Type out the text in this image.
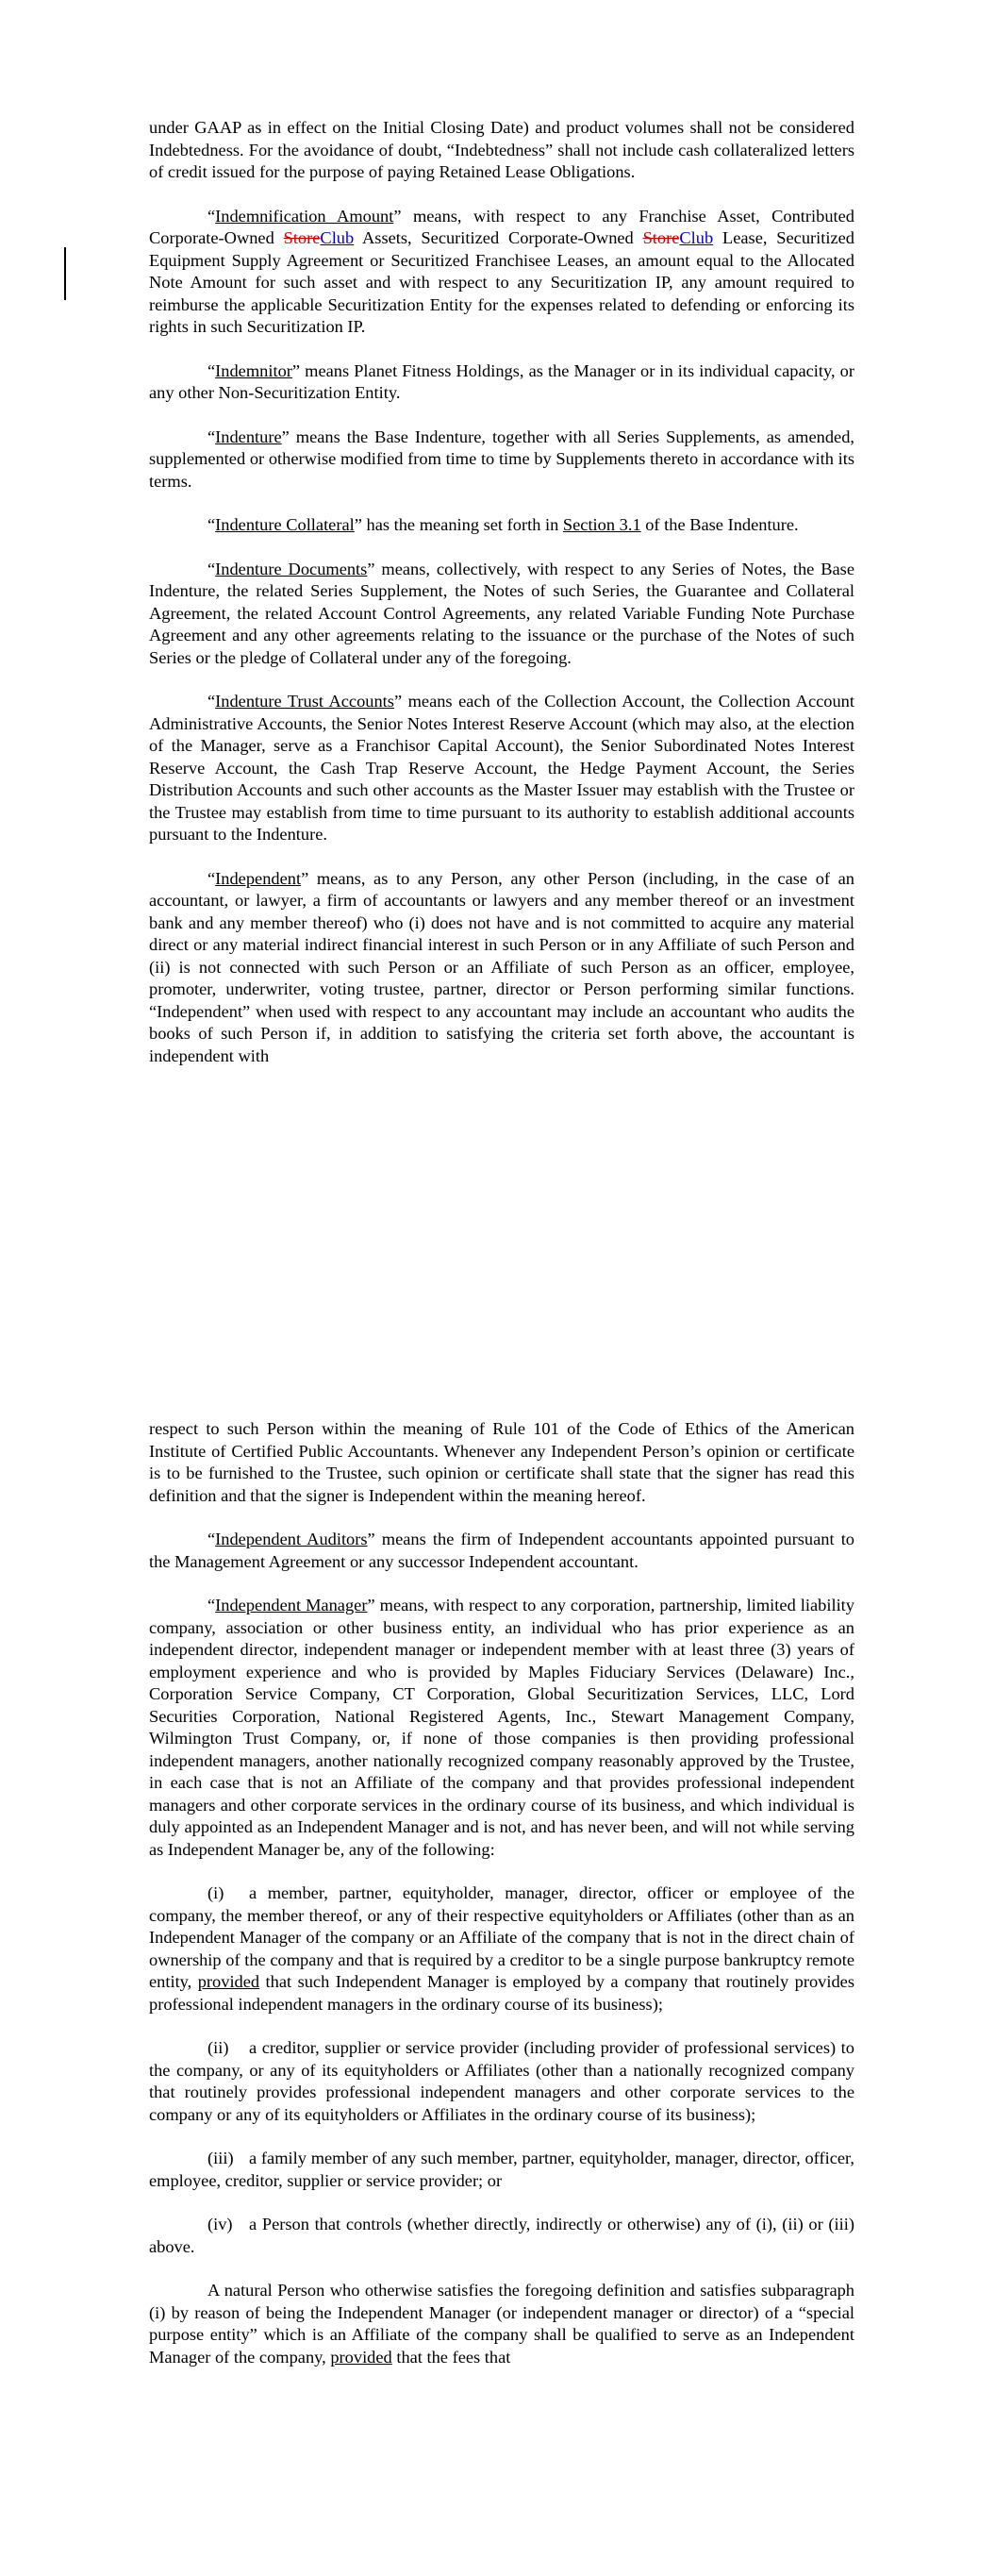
under GAAP as in effect on the Initial Closing Date) and product volumes shall not be considered Indebtedness. For the avoidance of doubt, “Indebtedness” shall not include cash collateralized letters of credit issued for the purpose of paying Retained Lease Obligations.

“Indemnification Amount” means, with respect to any Franchise Asset, Contributed Corporate-Owned StoreClub Assets, Securitized Corporate-Owned StoreClub Lease, Securitized Equipment Supply Agreement or Securitized Franchisee Leases, an amount equal to the Allocated Note Amount for such asset and with respect to any Securitization IP, any amount required to reimburse the applicable Securitization Entity for the expenses related to defending or enforcing its rights in such Securitization IP.

“Indemnitor” means Planet Fitness Holdings, as the Manager or in its individual capacity, or any other Non-Securitization Entity.

“Indenture” means the Base Indenture, together with all Series Supplements, as amended, supplemented or otherwise modified from time to time by Supplements thereto in accordance with its terms.

“Indenture Collateral” has the meaning set forth in Section 3.1 of the Base Indenture.

“Indenture Documents” means, collectively, with respect to any Series of Notes, the Base Indenture, the related Series Supplement, the Notes of such Series, the Guarantee and Collateral Agreement, the related Account Control Agreements, any related Variable Funding Note Purchase Agreement and any other agreements relating to the issuance or the purchase of the Notes of such Series or the pledge of Collateral under any of the foregoing.

“Indenture Trust Accounts” means each of the Collection Account, the Collection Account Administrative Accounts, the Senior Notes Interest Reserve Account (which may also, at the election of the Manager, serve as a Franchisor Capital Account), the Senior Subordinated Notes Interest Reserve Account, the Cash Trap Reserve Account, the Hedge Payment Account, the Series Distribution Accounts and such other accounts as the Master Issuer may establish with the Trustee or the Trustee may establish from time to time pursuant to its authority to establish additional accounts pursuant to the Indenture.

“Independent” means, as to any Person, any other Person (including, in the case of an accountant, or lawyer, a firm of accountants or lawyers and any member thereof or an investment bank and any member thereof) who (i) does not have and is not committed to acquire any material direct or any material indirect financial interest in such Person or in any Affiliate of such Person and (ii) is not connected with such Person or an Affiliate of such Person as an officer, employee, promoter, underwriter, voting trustee, partner, director or Person performing similar functions. “Independent” when used with respect to any accountant may include an accountant who audits the books of such Person if, in addition to satisfying the criteria set forth above, the accountant is independent with

respect to such Person within the meaning of Rule 101 of the Code of Ethics of the American Institute of Certified Public Accountants. Whenever any Independent Person’s opinion or certificate is to be furnished to the Trustee, such opinion or certificate shall state that the signer has read this definition and that the signer is Independent within the meaning hereof.

“Independent Auditors” means the firm of Independent accountants appointed pursuant to the Management Agreement or any successor Independent accountant.

“Independent Manager” means, with respect to any corporation, partnership, limited liability company, association or other business entity, an individual who has prior experience as an independent director, independent manager or independent member with at least three (3) years of employment experience and who is provided by Maples Fiduciary Services (Delaware) Inc., Corporation Service Company, CT Corporation, Global Securitization Services, LLC, Lord Securities Corporation, National Registered Agents, Inc., Stewart Management Company, Wilmington Trust Company, or, if none of those companies is then providing professional independent managers, another nationally recognized company reasonably approved by the Trustee, in each case that is not an Affiliate of the company and that provides professional independent managers and other corporate services in the ordinary course of its business, and which individual is duly appointed as an Independent Manager and is not, and has never been, and will not while serving as Independent Manager be, any of the following:

(i) a member, partner, equityholder, manager, director, officer or employee of the company, the member thereof, or any of their respective equityholders or Affiliates (other than as an Independent Manager of the company or an Affiliate of the company that is not in the direct chain of ownership of the company and that is required by a creditor to be a single purpose bankruptcy remote entity, provided that such Independent Manager is employed by a company that routinely provides professional independent managers in the ordinary course of its business);

(ii) a creditor, supplier or service provider (including provider of professional services) to the company, or any of its equityholders or Affiliates (other than a nationally recognized company that routinely provides professional independent managers and other corporate services to the company or any of its equityholders or Affiliates in the ordinary course of its business);

(iii) a family member of any such member, partner, equityholder, manager, director, officer, employee, creditor, supplier or service provider; or

(iv) a Person that controls (whether directly, indirectly or otherwise) any of (i), (ii) or (iii) above.

A natural Person who otherwise satisfies the foregoing definition and satisfies subparagraph (i) by reason of being the Independent Manager (or independent manager or director) of a “special purpose entity” which is an Affiliate of the company shall be qualified to serve as an Independent Manager of the company, provided that the fees that
